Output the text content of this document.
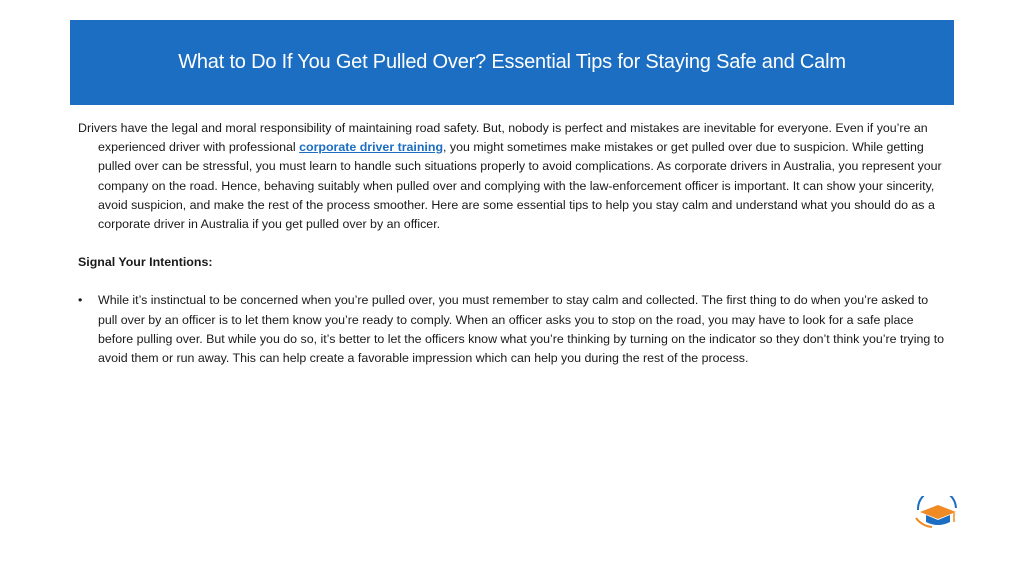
What to Do If You Get Pulled Over? Essential Tips for Staying Safe and Calm

Drivers have the legal and moral responsibility of maintaining road safety. But, nobody is perfect and mistakes are inevitable for everyone. Even if you’re an experienced driver with professional corporate driver training, you might sometimes make mistakes or get pulled over due to suspicion. While getting pulled over can be stressful, you must learn to handle such situations properly to avoid complications. As corporate drivers in Australia, you represent your company on the road. Hence, behaving suitably when pulled over and complying with the law-enforcement officer is important. It can show your sincerity, avoid suspicion, and make the rest of the process smoother. Here are some essential tips to help you stay calm and understand what you should do as a corporate driver in Australia if you get pulled over by an officer.

Signal Your Intentions:

•	While it’s instinctual to be concerned when you’re pulled over, you must remember to stay calm and collected. The first thing to do when you’re asked to pull over by an officer is to let them know you’re ready to comply. When an officer asks you to stop on the road, you may have to look for a safe place before pulling over. But while you do so, it’s better to let the officers know what you’re thinking by turning on the indicator so they don’t think you’re trying to avoid them or run away. This can help create a favorable impression which can help you during the rest of the process.
